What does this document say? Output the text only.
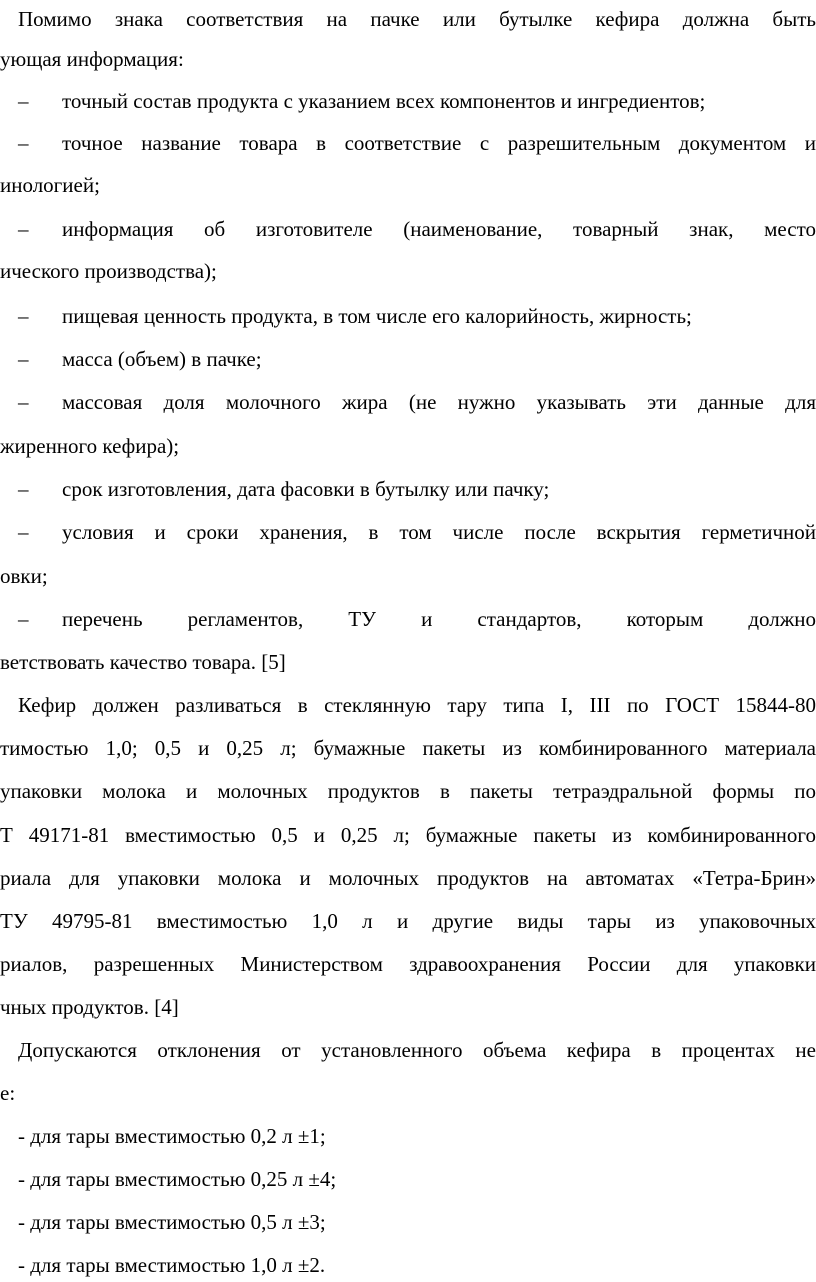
Помимо знака соответствия на пачке или бутылке кефира должна быть
ующая информация:
– точный состав продукта с указанием всех компонентов и ингредиентов;
– точное название товара в соответствие с разрешительным документом и
инологией;
– информация об изготовителе (наименование, товарный знак, место
ического производства);
– пищевая ценность продукта, в том числе его калорийность, жирность;
– масса (объем) в пачке;
– массовая доля молочного жира (не нужно указывать эти данные для
жиренного кефира);
– срок изготовления, дата фасовки в бутылку или пачку;
– условия и сроки хранения, в том числе после вскрытия герметичной
овки;
– перечень регламентов, ТУ и стандартов, которым должно
ветствовать качество товара. [5]
Кефир должен разливаться в стеклянную тару типа I, III по ГОСТ 15844-80
тимостью 1,0; 0,5 и 0,25 л; бумажные пакеты из комбинированного материала
упаковки молока и молочных продуктов в пакеты тетраэдральной формы по
Т 49171-81 вместимостью 0,5 и 0,25 л; бумажные пакеты из комбинированного
риала для упаковки молока и молочных продуктов на автоматах «Тетра-Брин»
ТУ 49795-81 вместимостью 1,0 л и другие виды тары из упаковочных
риалов, разрешенных Министерством здравоохранения России для упаковки
чных продуктов. [4]
Допускаются отклонения от установленного объема кефира в процентах не
е:
- для тары вместимостью 0,2 л ±1;
- для тары вместимостью 0,25 л ±4;
- для тары вместимостью 0,5 л ±3;
- для тары вместимостью 1,0 л ±2.
